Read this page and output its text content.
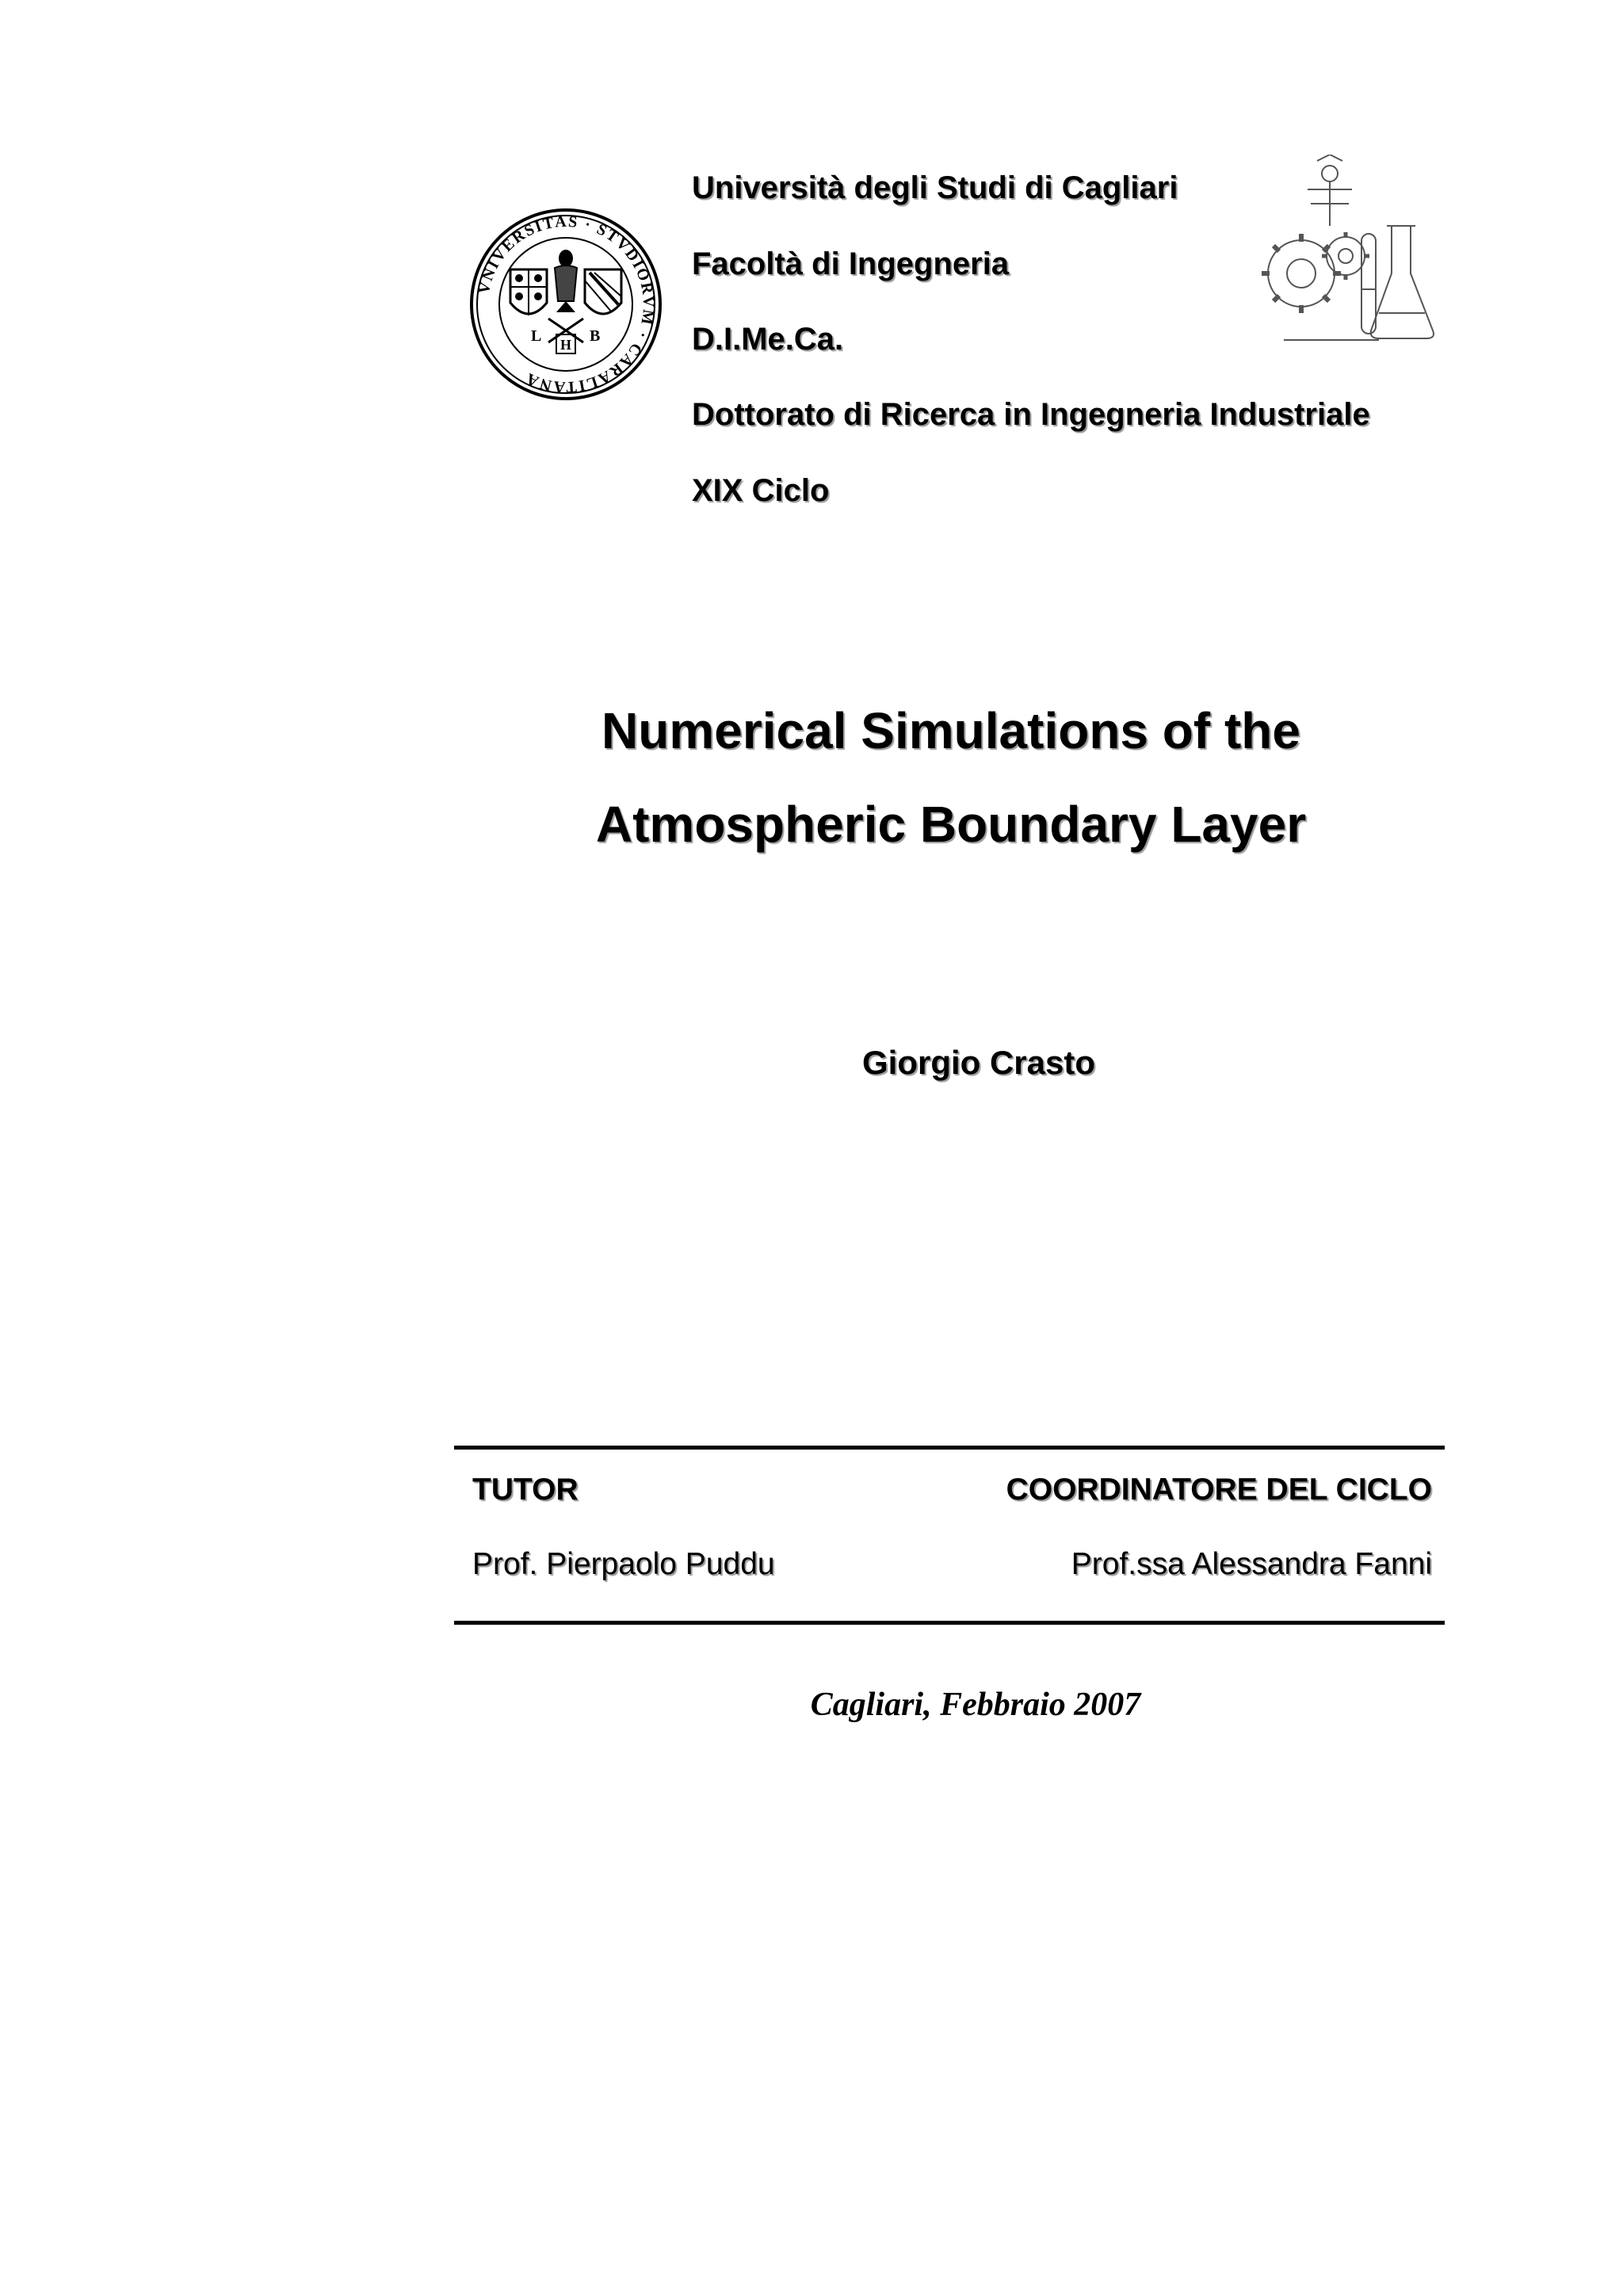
VNIVERSITAS · STVDIORVM · CARALITANA
L H B
Università degli Studi di Cagliari
Facoltà di Ingegneria
D.I.Me.Ca.
Dottorato di Ricerca in Ingegneria Industriale
XIX Ciclo
Numerical Simulations of the
Atmospheric Boundary Layer
Giorgio Crasto
TUTOR	COORDINATORE DEL CICLO
Prof. Pierpaolo Puddu	Prof.ssa Alessandra Fanni
Cagliari, Febbraio 2007
